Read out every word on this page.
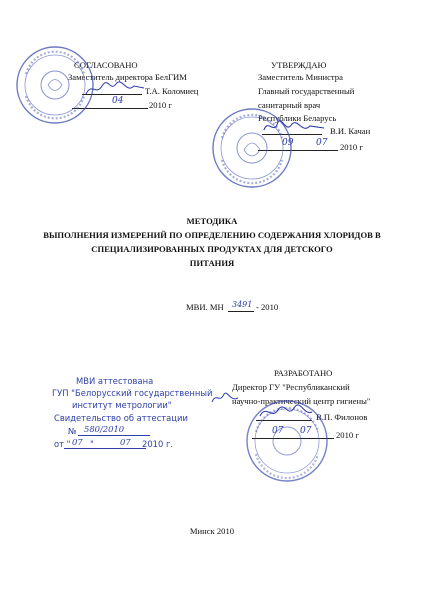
СОГЛАСОВАНО
Заместитель директора БелГИМ
Т.А. Коломиец
04	2010 г
УТВЕРЖДАЮ
Заместитель Министра
Главный государственный
санитарный врач
Республики Беларусь
В.И. Качан
09	07 2010 г
МЕТОДИКА
ВЫПОЛНЕНИЯ ИЗМЕРЕНИЙ ПО ОПРЕДЕЛЕНИЮ СОДЕРЖАНИЯ ХЛОРИДОВ В
СПЕЦИАЛИЗИРОВАННЫХ ПРОДУКТАХ ДЛЯ ДЕТСКОГО
ПИТАНИЯ
МВИ. МН 3491 - 2010
МВИ аттестована
ГУП "Белорусский государственный
институт метрологии"
Свидетельство об аттестации
№ 580/2010
от " 07 "	07 2010 г.
РАЗРАБОТАНО
Директор ГУ "Республиканский
научно-практический центр гигиены"
В.П. Филонов
07 07	2010 г
Минск 2010
